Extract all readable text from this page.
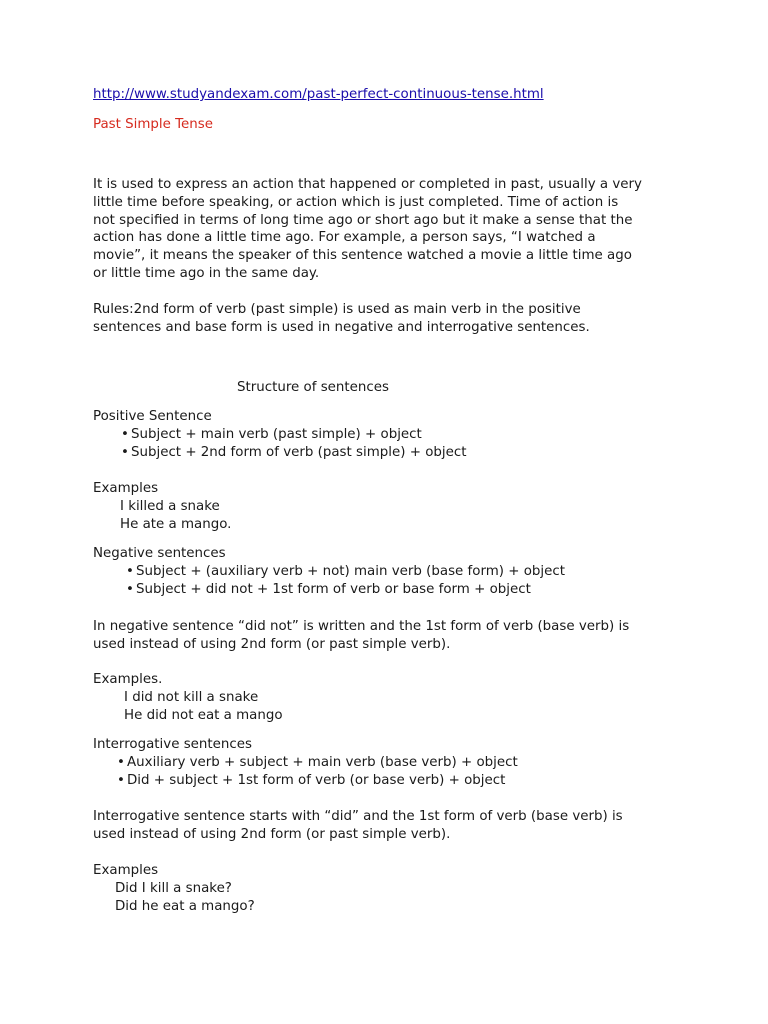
http://www.studyandexam.com/past-perfect-continuous-tense.html
Past Simple Tense
It is used to express an action that happened or completed in past, usually a very
little time before speaking, or action which is just completed. Time of action is
not specified in terms of long time ago or short ago but it make a sense that the
action has done a little time ago. For example, a person says, “I watched a
movie”, it means the speaker of this sentence watched a movie a little time ago
or little time ago in the same day.
Rules:2nd form of verb (past simple) is used as main verb in the positive
sentences and base form is used in negative and interrogative sentences.
Structure of sentences
Positive Sentence
• Subject + main verb (past simple) + object
• Subject + 2nd form of verb (past simple) + object
Examples
I killed a snake
He ate a mango.
Negative sentences
• Subject + (auxiliary verb + not) main verb (base form) + object
• Subject + did not + 1st form of verb or base form + object
In negative sentence “did not” is written and the 1st form of verb (base verb) is
used instead of using 2nd form (or past simple verb).
Examples.
I did not kill a snake
He did not eat a mango
Interrogative sentences
• Auxiliary verb + subject + main verb (base verb) + object
• Did + subject + 1st form of verb (or base verb) + object
Interrogative sentence starts with “did” and the 1st form of verb (base verb) is
used instead of using 2nd form (or past simple verb).
Examples
Did I kill a snake?
Did he eat a mango?
